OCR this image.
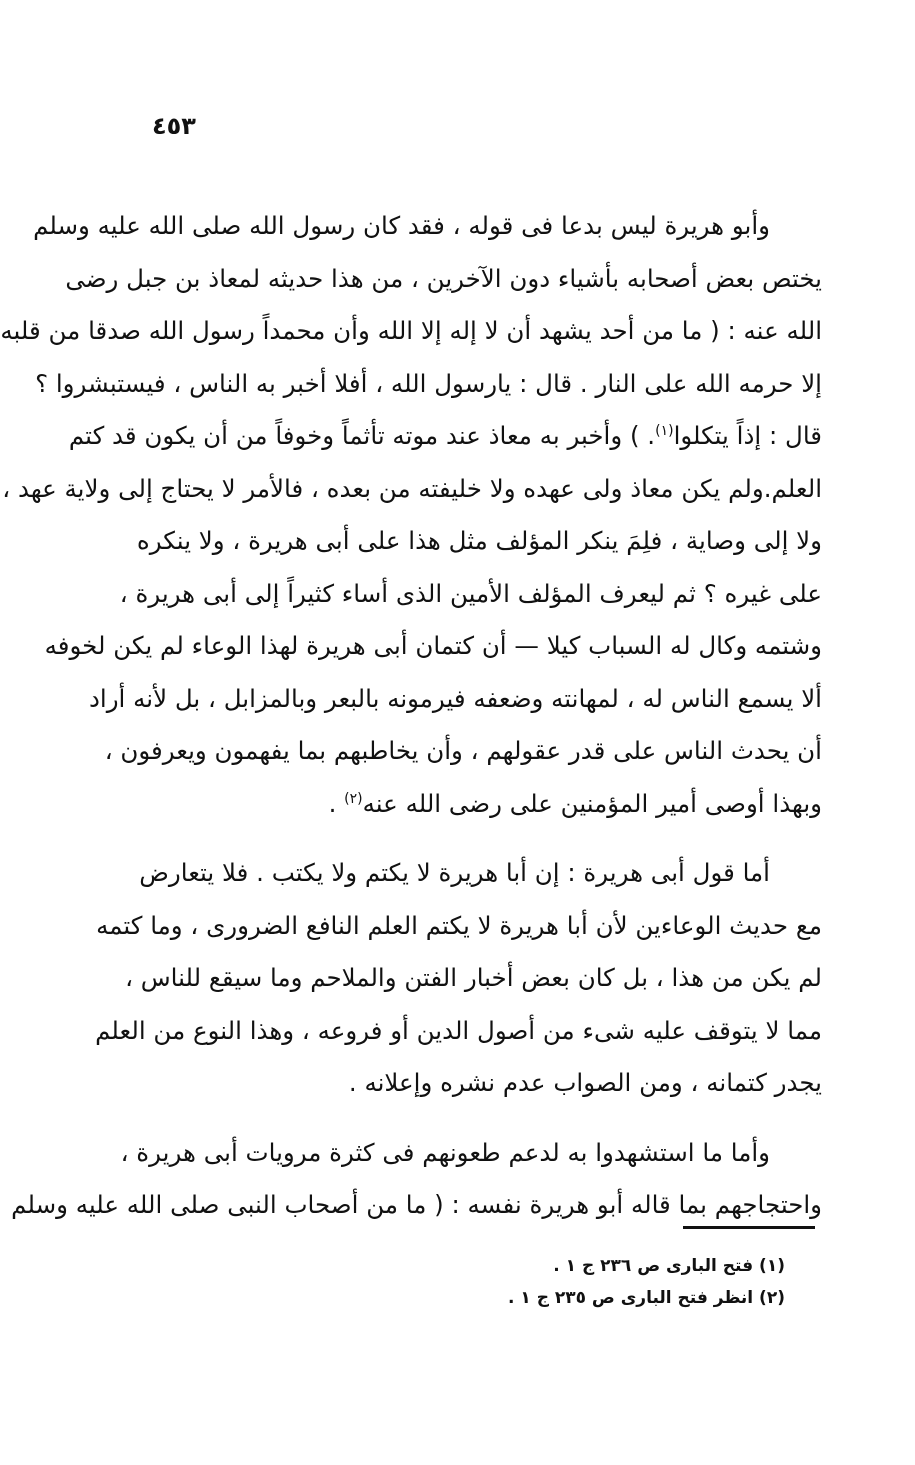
٤٥٣
وأبو هريرة ليس بدعا فى قوله ، فقد كان رسول الله صلى الله عليه وسلم
يختص بعض أصحابه بأشياء دون الآخرين ، من هذا حديثه لمعاذ بن جبل رضى
الله عنه : ( ما من أحد يشهد أن لا إله إلا الله وأن محمداً رسول الله صدقا من قلبه
إلا حرمه الله على النار . قال : يارسول الله ، أفلا أخبر به الناس ، فيستبشروا ؟
قال : إذاً يتكلوا$^{(١)}$. ) وأخبر به معاذ عند موته تأثماً وخوفاً من أن يكون قد كتم
العلم.ولم يكن معاذ ولى عهده ولا خليفته من بعده ، فالأمر لا يحتاج إلى ولاية عهد ،
ولا إلى وصاية ، فلِمَ ينكر المؤلف مثل هذا على أبى هريرة ، ولا ينكره
على غيره ؟ ثم ليعرف المؤلف الأمين الذى أساء كثيراً إلى أبى هريرة ،
وشتمه وكال له السباب كيلا — أن كتمان أبى هريرة لهذا الوعاء لم يكن لخوفه
ألا يسمع الناس له ، لمهانته وضعفه فيرمونه بالبعر وبالمزابل ، بل لأنه أراد
أن يحدث الناس على قدر عقولهم ، وأن يخاطبهم بما يفهمون ويعرفون ،
وبهذا أوصى أمير المؤمنين على رضى الله عنه$^{(٢)}$ .
أما قول أبى هريرة : إن أبا هريرة لا يكتم ولا يكتب . فلا يتعارض
مع حديث الوعاءين لأن أبا هريرة لا يكتم العلم النافع الضرورى ، وما كتمه
لم يكن من هذا ، بل كان بعض أخبار الفتن والملاحم وما سيقع للناس ،
مما لا يتوقف عليه شىء من أصول الدين أو فروعه ، وهذا النوع من العلم
يجدر كتمانه ، ومن الصواب عدم نشره وإعلانه .
وأما ما استشهدوا به لدعم طعونهم فى كثرة مرويات أبى هريرة ،
واحتجاجهم بما قاله أبو هريرة نفسه : ( ما من أصحاب النبى صلى الله عليه وسلم
(١) فتح البارى ص ٢٣٦ ج ١ .
(٢) انظر فتح البارى ص ٢٣٥ ج ١ .
